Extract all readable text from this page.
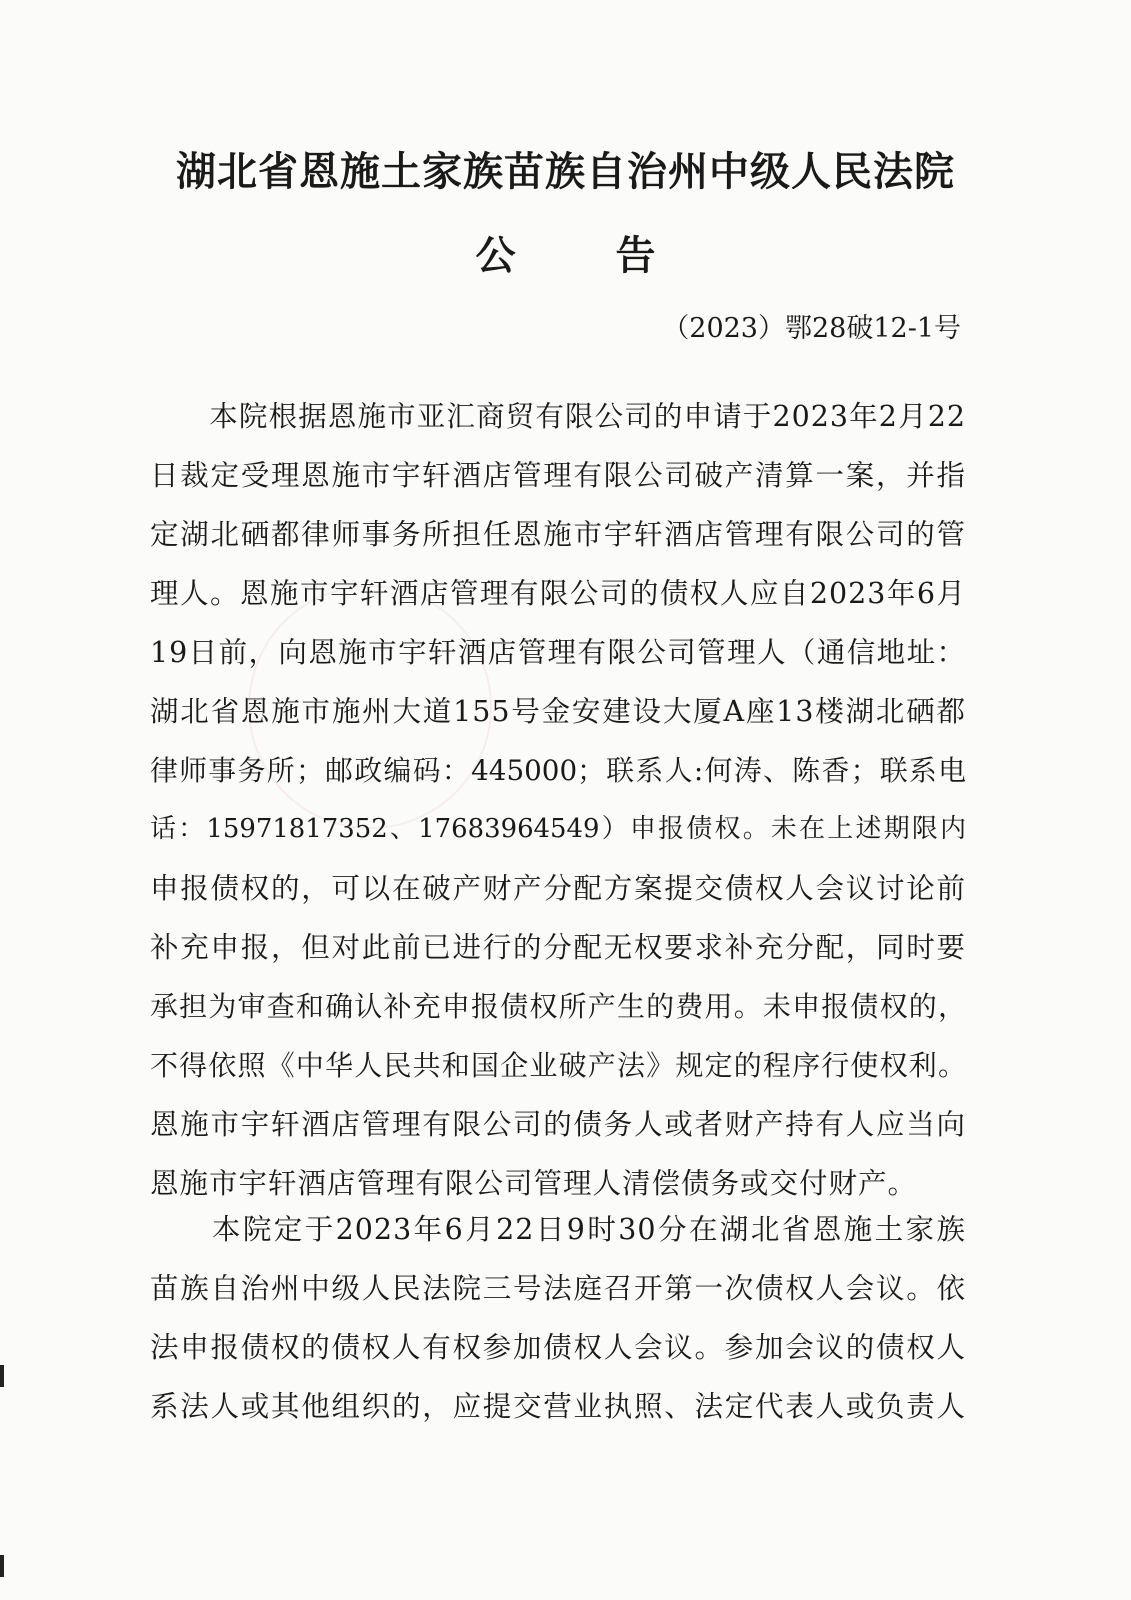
湖北省恩施土家族苗族自治州中级人民法院
公告
（2023）鄂28破12-1号
　　本院根据恩施市亚汇商贸有限公司的申请于2023年2月22
日裁定受理恩施市宇轩酒店管理有限公司破产清算一案，并指
定湖北硒都律师事务所担任恩施市宇轩酒店管理有限公司的管
理人。恩施市宇轩酒店管理有限公司的债权人应自2023年6月
19日前，向恩施市宇轩酒店管理有限公司管理人（通信地址：
湖北省恩施市施州大道155号金安建设大厦A座13楼湖北硒都
律师事务所；邮政编码：445000；联系人:何涛、陈香；联系电
话：15971817352、17683964549）申报债权。未在上述期限内
申报债权的，可以在破产财产分配方案提交债权人会议讨论前
补充申报，但对此前已进行的分配无权要求补充分配，同时要
承担为审查和确认补充申报债权所产生的费用。未申报债权的，
不得依照《中华人民共和国企业破产法》规定的程序行使权利。
恩施市宇轩酒店管理有限公司的债务人或者财产持有人应当向
恩施市宇轩酒店管理有限公司管理人清偿债务或交付财产。
　　本院定于2023年6月22日9时30分在湖北省恩施土家族
苗族自治州中级人民法院三号法庭召开第一次债权人会议。依
法申报债权的债权人有权参加债权人会议。参加会议的债权人
系法人或其他组织的，应提交营业执照、法定代表人或负责人
